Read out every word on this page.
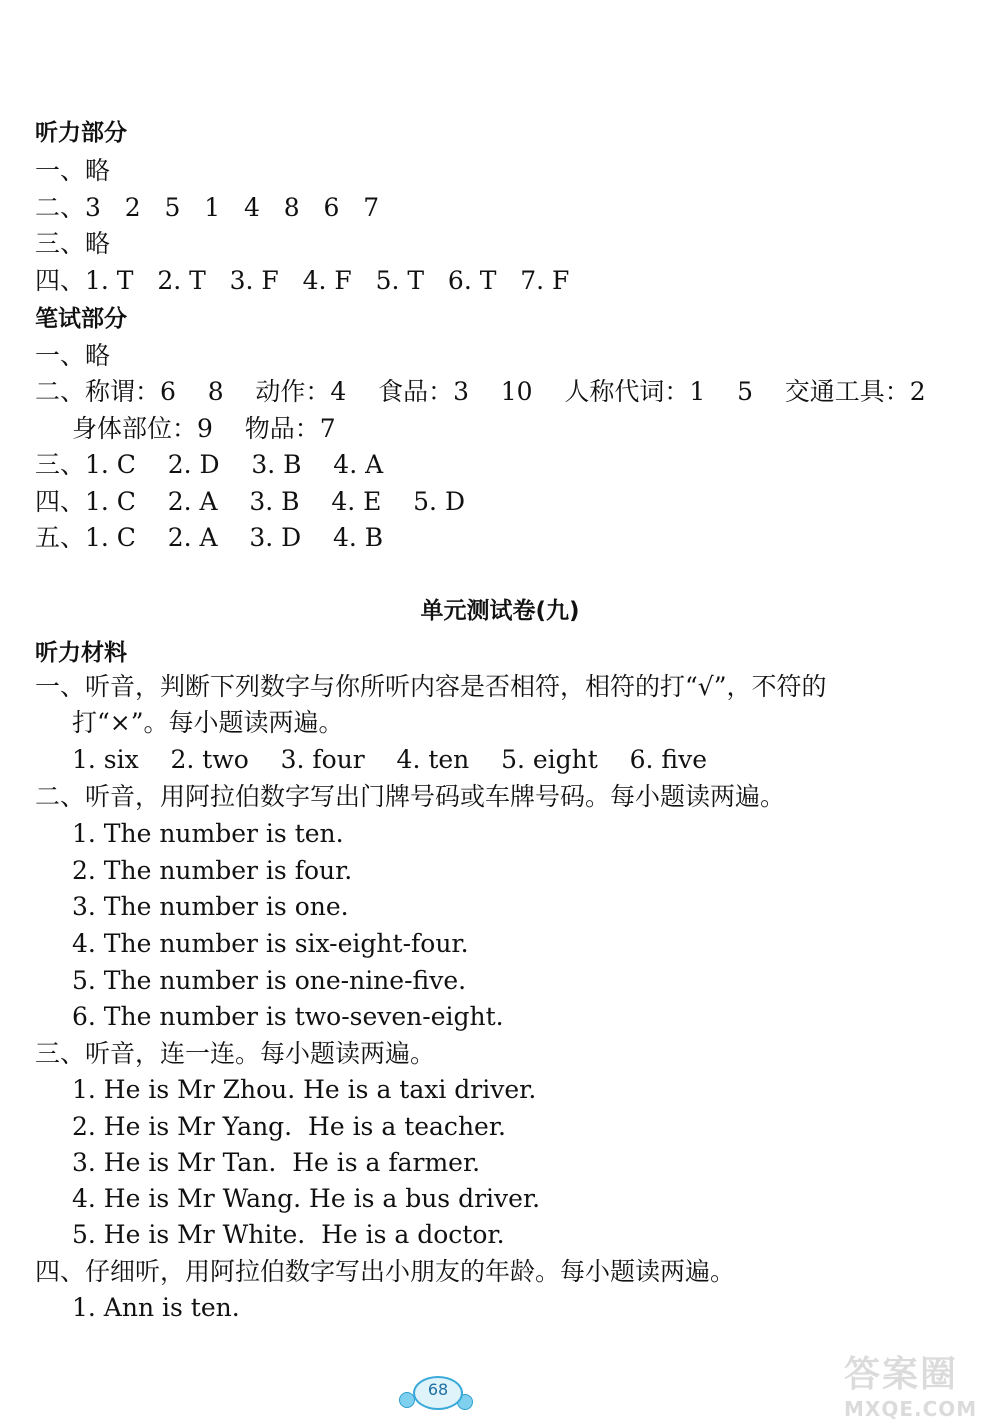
听力部分
一、略
二、3   2   5   1   4   8   6   7
三、略
四、1. T   2. T   3. F   4. F   5. T   6. T   7. F
笔试部分
一、略
二、称谓：6    8    动作：4    食品：3    10    人称代词：1    5    交通工具：2
身体部位：9    物品：7
三、1. C    2. D    3. B    4. A
四、1. C    2. A    3. B    4. E    5. D
五、1. C    2. A    3. D    4. B
单元测试卷(九)
听力材料
一、听音，判断下列数字与你所听内容是否相符，相符的打“√”，不符的
打“×”。每小题读两遍。
1. six    2. two    3. four    4. ten    5. eight    6. five
二、听音，用阿拉伯数字写出门牌号码或车牌号码。每小题读两遍。
1. The number is ten.
2. The number is four.
3. The number is one.
4. The number is six-eight-four.
5. The number is one-nine-five.
6. The number is two-seven-eight.
三、听音，连一连。每小题读两遍。
1. He is Mr Zhou. He is a taxi driver.
2. He is Mr Yang.  He is a teacher.
3. He is Mr Tan.  He is a farmer.
4. He is Mr Wang. He is a bus driver.
5. He is Mr White.  He is a doctor.
四、仔细听，用阿拉伯数字写出小朋友的年龄。每小题读两遍。
1. Ann is ten.
68	答案圈
MXQE.COM
